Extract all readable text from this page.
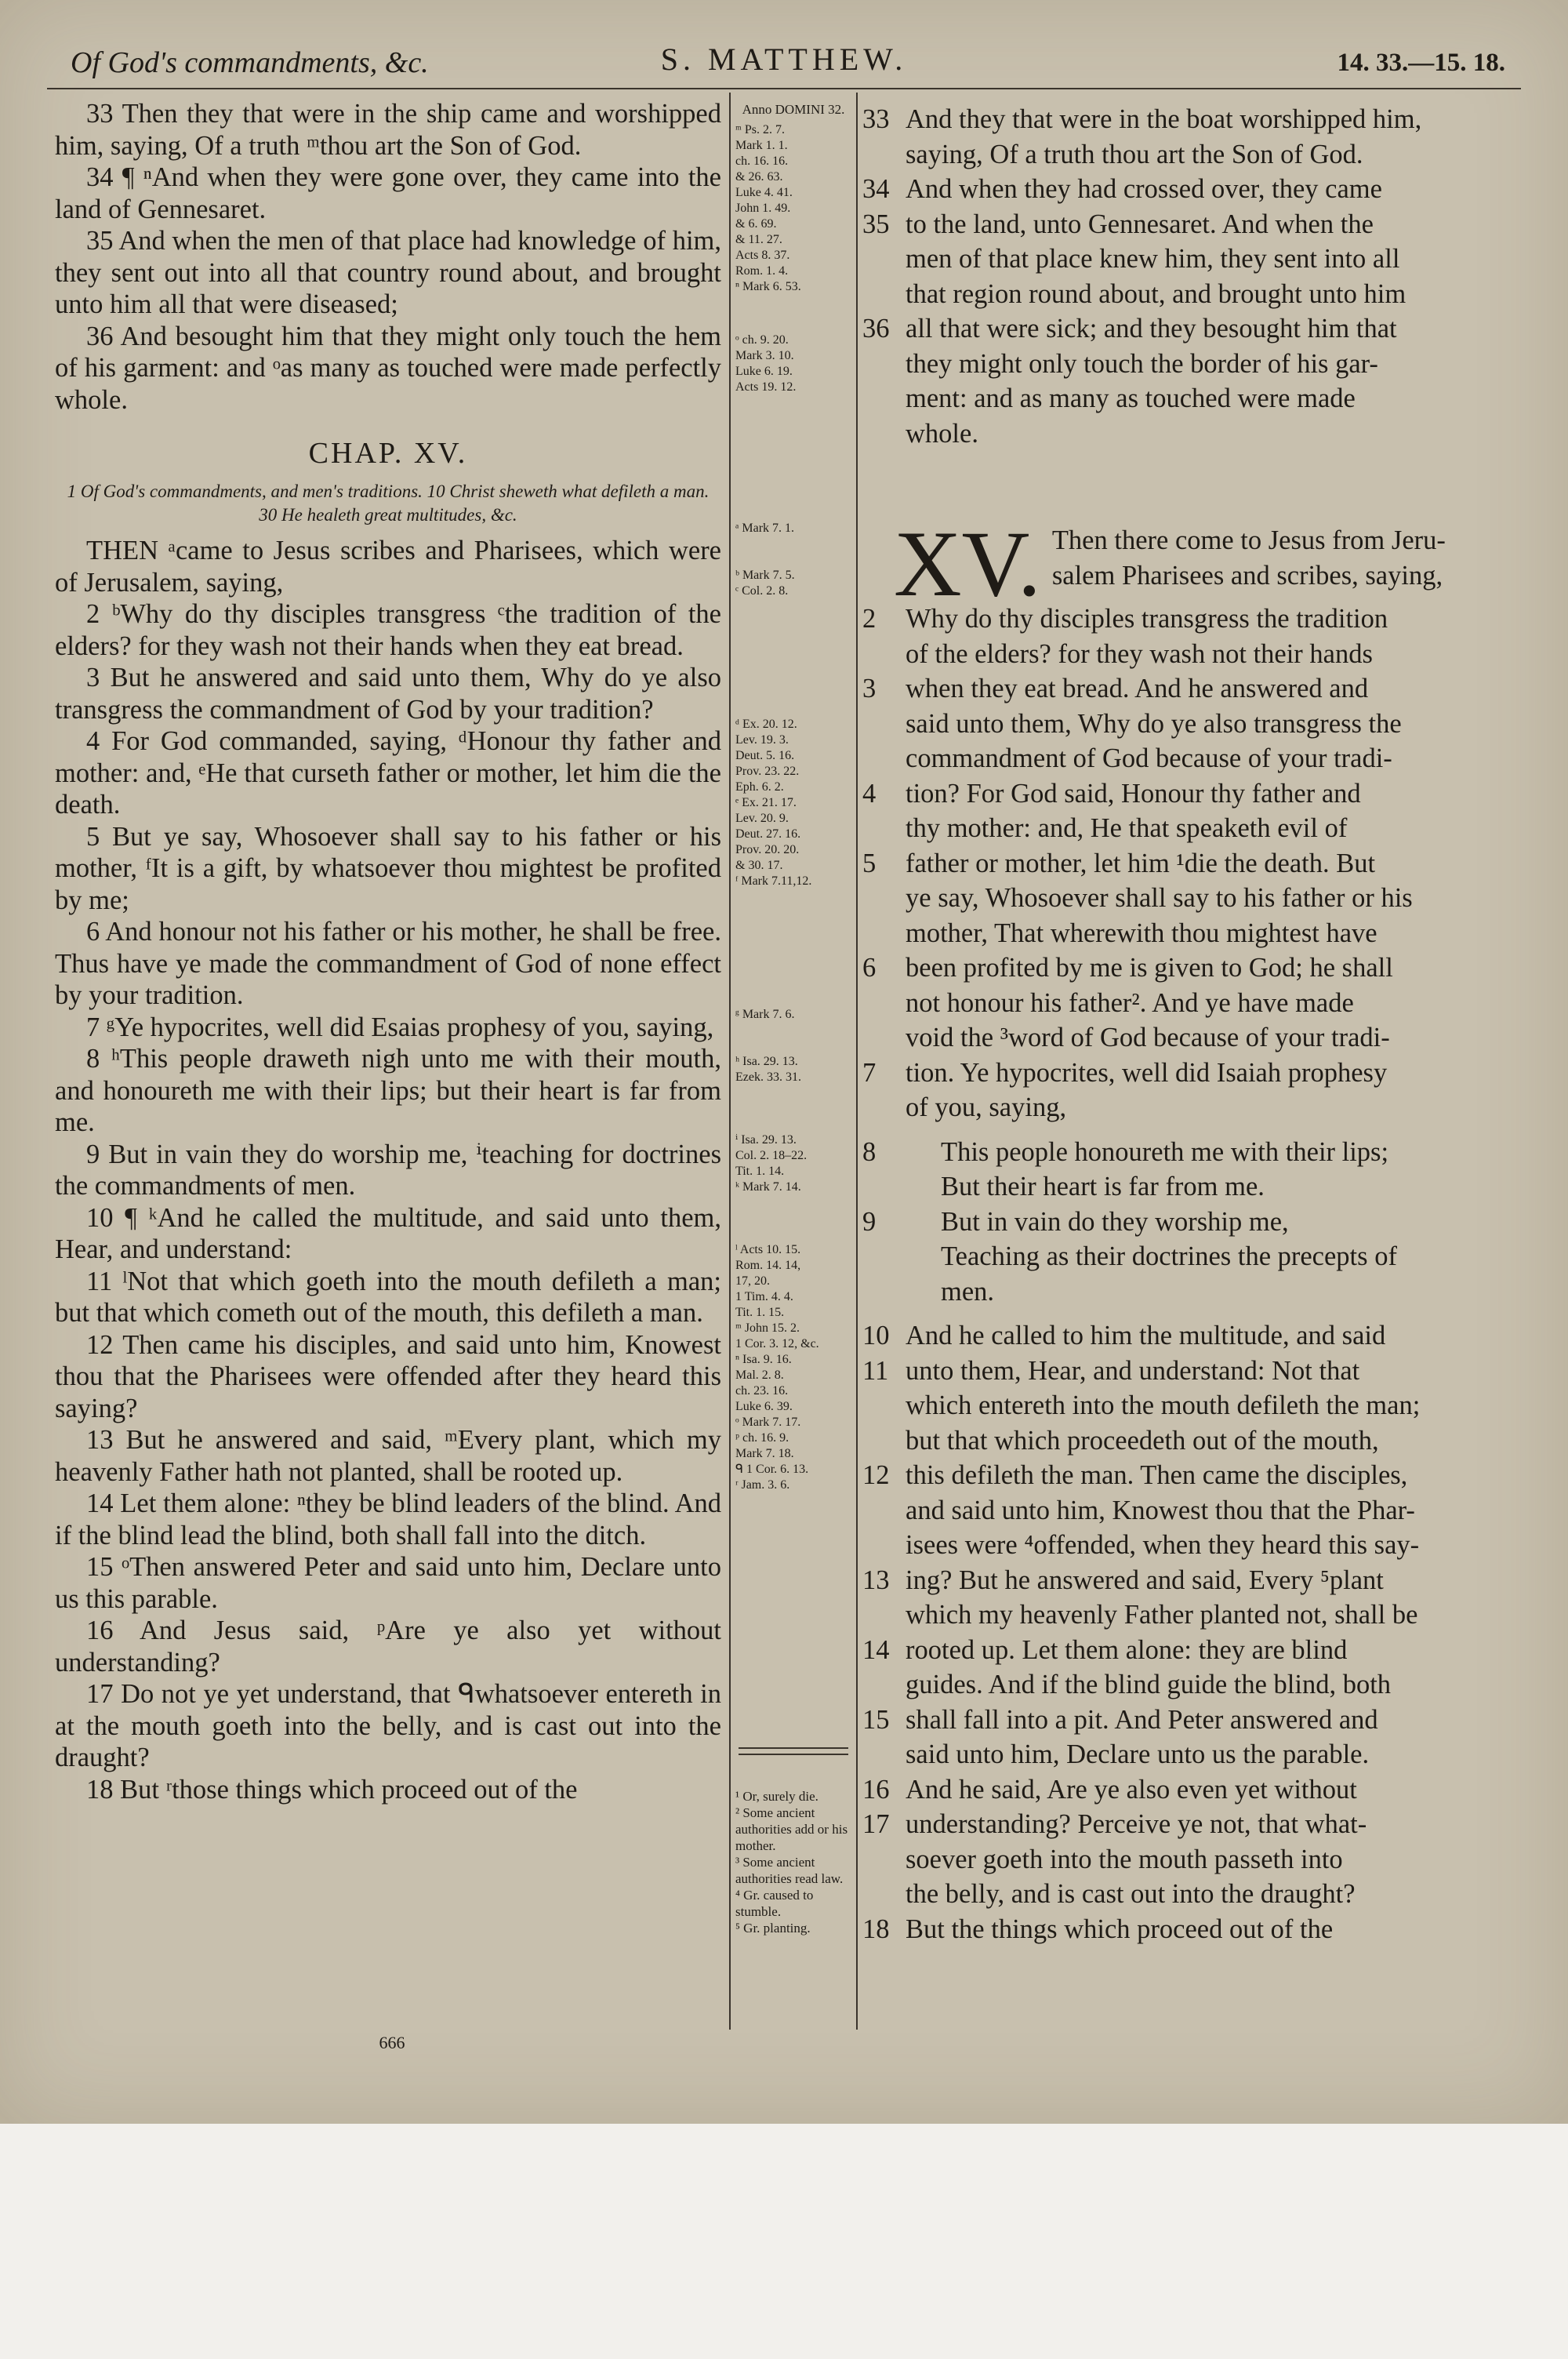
Of God's commandments, &c.	S. MATTHEW.	14. 33.—15. 18.

33 Then they that were in the ship came and worshipped him, saying, Of a truth ᵐthou art the Son of God.

34 ¶ ⁿAnd when they were gone over, they came into the land of Gennesaret.

35 And when the men of that place had knowledge of him, they sent out into all that country round about, and brought unto him all that were diseased;

36 And besought him that they might only touch the hem of his garment: and ᵒas many as touched were made perfectly whole.

CHAP. XV.
1 Of God's commandments, and men's traditions. 10 Christ sheweth what defileth a man. 30 He healeth great multitudes, &c.

THEN ᵃcame to Jesus scribes and Pharisees, which were of Jerusalem, saying,

2 ᵇWhy do thy disciples transgress ᶜthe tradition of the elders? for they wash not their hands when they eat bread.

3 But he answered and said unto them, Why do ye also transgress the commandment of God by your tradition?

4 For God commanded, saying, ᵈHonour thy father and mother: and, ᵉHe that curseth father or mother, let him die the death.

5 But ye say, Whosoever shall say to his father or his mother, ᶠIt is a gift, by whatsoever thou mightest be profited by me;

6 And honour not his father or his mother, he shall be free. Thus have ye made the commandment of God of none effect by your tradition.

7 ᵍYe hypocrites, well did Esaias prophesy of you, saying,

8 ʰThis people draweth nigh unto me with their mouth, and honoureth me with their lips; but their heart is far from me.

9 But in vain they do worship me, ⁱteaching for doctrines the commandments of men.

10 ¶ ᵏAnd he called the multitude, and said unto them, Hear, and understand:

11 ˡNot that which goeth into the mouth defileth a man; but that which cometh out of the mouth, this defileth a man.

12 Then came his disciples, and said unto him, Knowest thou that the Pharisees were offended after they heard this saying?

13 But he answered and said, ᵐEvery plant, which my heavenly Father hath not planted, shall be rooted up.

14 Let them alone: ⁿthey be blind leaders of the blind. And if the blind lead the blind, both shall fall into the ditch.

15 ᵒThen answered Peter and said unto him, Declare unto us this parable.

16 And Jesus said, ᵖAre ye also yet without understanding?

17 Do not ye yet understand, that ᑫwhatsoever entereth in at the mouth goeth into the belly, and is cast out into the draught?

18 But ʳthose things which proceed out of the

Anno DOMINI 32.

ᵐ Ps. 2. 7.
Mark 1. 1.
ch. 16. 16.
& 26. 63.
Luke 4. 41.
John 1. 49.
& 6. 69.
& 11. 27.
Acts 8. 37.
Rom. 1. 4.
ⁿ Mark 6. 53.

ᵒ ch. 9. 20.
Mark 3. 10.
Luke 6. 19.
Acts 19. 12.

ᵃ Mark 7. 1.

ᵇ Mark 7. 5.
ᶜ Col. 2. 8.

ᵈ Ex. 20. 12.
Lev. 19. 3.
Deut. 5. 16.
Prov. 23. 22.
Eph. 6. 2.
ᵉ Ex. 21. 17.
Lev. 20. 9.
Deut. 27. 16.
Prov. 20. 20.
& 30. 17.
ᶠ Mark 7.11,12.

ᵍ Mark 7. 6.

ʰ Isa. 29. 13.
Ezek. 33. 31.

ⁱ Isa. 29. 13.
Col. 2. 18–22.
Tit. 1. 14.
ᵏ Mark 7. 14.

ˡ Acts 10. 15.
Rom. 14. 14,
17, 20.
1 Tim. 4. 4.
Tit. 1. 15.
ᵐ John 15. 2.
1 Cor. 3. 12, &c.
ⁿ Isa. 9. 16.
Mal. 2. 8.
ch. 23. 16.
Luke 6. 39.
ᵒ Mark 7. 17.
ᵖ ch. 16. 9.
Mark 7. 18.
ᑫ 1 Cor. 6. 13.
ʳ Jam. 3. 6.

¹ Or, surely die.
² Some ancient authorities add or his mother.
³ Some ancient authorities read law.
⁴ Gr. caused to stumble.
⁵ Gr. planting.
33 And they that were in the boat worshipped him,
saying, Of a truth thou art the Son of God.
34 And when they had crossed over, they came
35 to the land, unto Gennesaret. And when the
men of that place knew him, they sent into all
that region round about, and brought unto him
36 all that were sick; and they besought him that
they might only touch the border of his gar-
ment: and as many as touched were made
whole.
XV. Then there come to Jesus from Jeru-
salem Pharisees and scribes, saying,
2 Why do thy disciples transgress the tradition
of the elders? for they wash not their hands
3 when they eat bread. And he answered and
said unto them, Why do ye also transgress the
commandment of God because of your tradi-
4 tion? For God said, Honour thy father and
thy mother: and, He that speaketh evil of
5 father or mother, let him ¹die the death. But
ye say, Whosoever shall say to his father or his
mother, That wherewith thou mightest have
6 been profited by me is given to God; he shall
not honour his father². And ye have made
void the ³word of God because of your tradi-
7 tion. Ye hypocrites, well did Isaiah prophesy
of you, saying,
8 This people honoureth me with their lips;
But their heart is far from me.
9 But in vain do they worship me,
Teaching as their doctrines the precepts of
men.
10 And he called to him the multitude, and said
11 unto them, Hear, and understand: Not that
which entereth into the mouth defileth the man;
but that which proceedeth out of the mouth,
12 this defileth the man. Then came the disciples,
and said unto him, Knowest thou that the Phar-
isees were ⁴offended, when they heard this say-
13 ing? But he answered and said, Every ⁵plant
which my heavenly Father planted not, shall be
14 rooted up. Let them alone: they are blind
guides. And if the blind guide the blind, both
15 shall fall into a pit. And Peter answered and
said unto him, Declare unto us the parable.
16 And he said, Are ye also even yet without
17 understanding? Perceive ye not, that what-
soever goeth into the mouth passeth into
the belly, and is cast out into the draught?
18 But the things which proceed out of the
666
